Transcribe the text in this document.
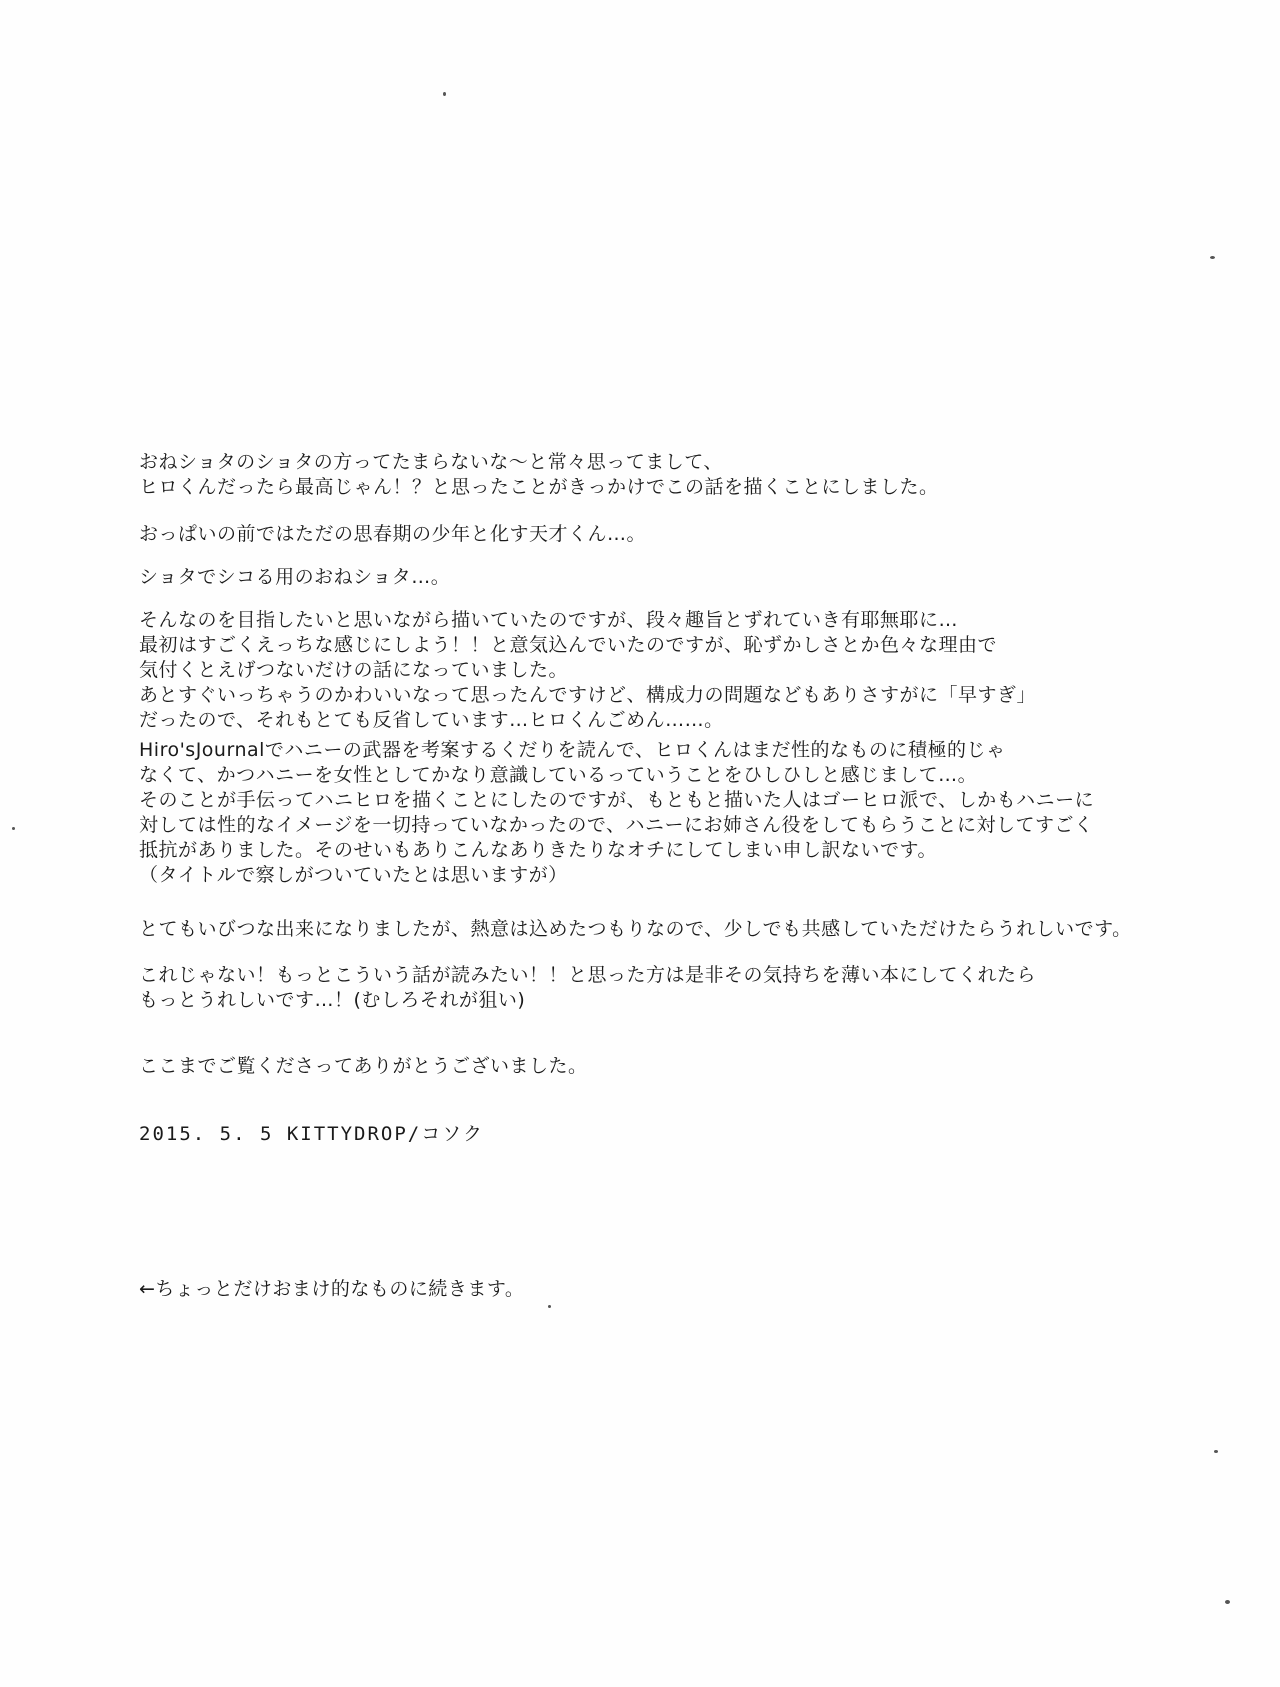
おねショタのショタの方ってたまらないな〜と常々思ってまして、
ヒロくんだったら最高じゃん！？と思ったことがきっかけでこの話を描くことにしました。
おっぱいの前ではただの思春期の少年と化す天才くん…。
ショタでシコる用のおねショタ…。
そんなのを目指したいと思いながら描いていたのですが、段々趣旨とずれていき有耶無耶に…
最初はすごくえっちな感じにしよう！！と意気込んでいたのですが、恥ずかしさとか色々な理由で
気付くとえげつないだけの話になっていました。
あとすぐいっちゃうのかわいいなって思ったんですけど、構成力の問題などもありさすがに「早すぎ」
だったので、それもとても反省しています…ヒロくんごめん……。
Hiro'sJournalでハニーの武器を考案するくだりを読んで、ヒロくんはまだ性的なものに積極的じゃ
なくて、かつハニーを女性としてかなり意識しているっていうことをひしひしと感じまして…。
そのことが手伝ってハニヒロを描くことにしたのですが、もともと描いた人はゴーヒロ派で、しかもハニーに
対しては性的なイメージを一切持っていなかったので、ハニーにお姉さん役をしてもらうことに対してすごく
抵抗がありました。そのせいもありこんなありきたりなオチにしてしまい申し訳ないです。
（タイトルで察しがついていたとは思いますが）
とてもいびつな出来になりましたが、熱意は込めたつもりなので、少しでも共感していただけたらうれしいです。
これじゃない！もっとこういう話が読みたい！！と思った方は是非その気持ちを薄い本にしてくれたら
もっとうれしいです…！(むしろそれが狙い)
ここまでご覧くださってありがとうございました。
2015. 5. 5 KITTYDROP/コソク
←ちょっとだけおまけ的なものに続きます。
